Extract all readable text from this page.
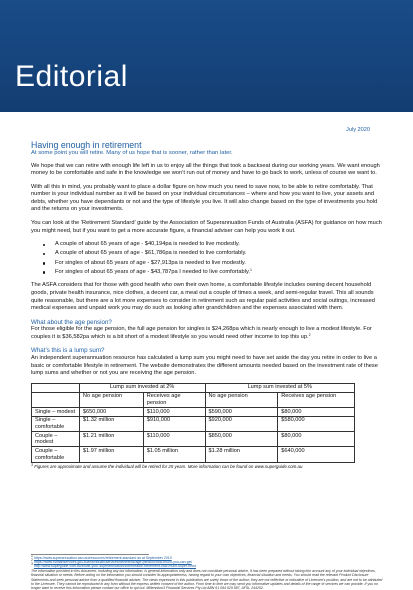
Editorial
July 2020
Having enough in retirement
At some point you will retire. Many of us hope that is sooner, rather than later.

We hope that we can retire with enough life left in us to enjoy all the things that took a backseat during our working years. We want enough money to be comfortable and safe in the knowledge we won’t run out of money and have to go back to work, unless of course we want to.

With all this in mind, you probably want to place a dollar figure on how much you need to save now, to be able to retire comfortably. That number is your individual number as it will be based on your individual circumstances – where and how you want to live, your assets and debts, whether you have dependants or not and the type of lifestyle you live. It will also change based on the type of investments you hold and the returns on your investments.

You can look at the ‘Retirement Standard’ guide by the Association of Superannuation Funds of Australia (ASFA) for guidance on how much you might need, but if you want to get a more accurate figure, a financial adviser can help you work it out.

A couple of about 65 years of age - $40,194pa is needed to live modestly.
A couple of about 65 years of age - $61,786pa is needed to live comfortably.
For singles of about 65 years of age - $27,913pa is needed to live modestly.
For singles of about 65 years of age - $43,787pa I needed to live comfortably.$^1$

The ASFA considers that for those with good health who own their own home, a comfortable lifestyle includes owning decent household goods, private health insurance, nice clothes, a decent car, a meal out a couple of times a week, and semi-regular travel. This all sounds quite reasonable, but there are a lot more expenses to consider in retirement such as regular paid activities and social outings, increased medical expenses and unpaid work you may do such as looking after grandchildren and the expenses associated with them.

What about the age pension?

For those eligible for the age pension, the full age pension for singles is $24,268pa which is nearly enough to live a modest lifestyle. For couples it is $36,582pa which is a bit short of a modest lifestyle so you would need other income to top this up.$^2$

What’s this is a lump sum?

An independent superannuation resource has calculated a lump sum you might need to have set aside the day you retire in order to live a basic or comfortable lifestyle in retirement. The website demonstrates the different amounts needed based on the investment rate of these lump sums and whether or not you are receiving the age pension.

	Lump sum invested at 2%		Lump sum invested at 5%	
	No age pension	Receives age pension	No age pension	Receives age pension
Single – modest	$650,000	$110,000	$590,000	$80,000
Single – comfortable	$1.32 million	$910,000	$920,000	$580,000
Couple – modest	$1.21 million	$110,000	$850,000	$80,000
Couple – comfortable	$1.97 million	$1.05 million	$1.28 million	$640,000
$^3$ Figures are approximate and assume the individual will be retired for 25 years. More information can be found on www.superguide.com.au
$^1$ https://www.superannuation.asn.au/resources/retirement-standard as at September 2019
$^2$ https://www.humanservices.gov.au/individuals/services/centrelink/age-pension/how-much-you-can-get
$^3$ http://www.superguide.com.au/boost-your-superannuation/comfortable-retirement-how-much-super-need
The information provided in this document, including any tax information, is general information only and does not constitute personal advice. It has been prepared without taking into account any of your individual objectives, financial situation or needs. Before acting on the information you should consider its appropriateness, having regard to your own objectives, financial situation and needs. You should read the relevant Product Disclosure Statements and seek personal advice from a qualified financial adviser. The views expressed in this publication are solely those of the author; they are not reflective or indicative of Licensee’s position, and are not to be attributed to the Licensee. They cannot be reproduced in any form without the express written consent of the author. From time to time we may send you informative updates and details of the range of services we can provide. If you no longer want to receive this information please contact our office to opt out. Millennium3 Financial Services Pty Ltd ABN 61 094 529 987, AFSL 244252.
